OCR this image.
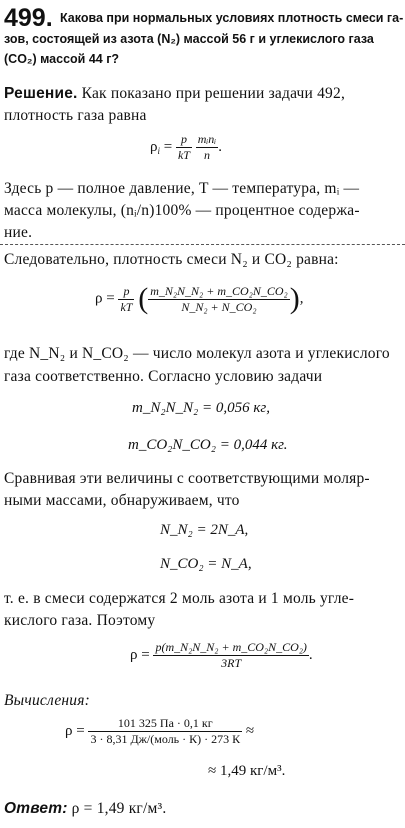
499. Какова при нормальных условиях плотность смеси га-
зов, состоящей из азота (N₂) массой 56 г и углекислого газа
(CO₂) массой 44 г?
Решение. Как показано при решении задачи 492,
плотность газа равна
$\rho_i = \frac{p}{kT}$
$\frac{\text{mᵢnᵢ}}{n}$ .
Здесь p — полное давление, T — температура, mᵢ —
масса молекулы, (nᵢ/n)100% — процентное содержа-
ние.
Следовательно, плотность смеси N₂ и CO₂ равна:
$\rho = \frac{p}{kT}$ ( $\frac{\text{m\_N₂N\_N₂ + m\_CO₂N\_CO₂}}{\text{N\_N₂ + N\_CO₂}}$ ),
где N_N₂ и N_CO₂ — число молекул азота и углекислого
газа соответственно. Согласно условию задачи
m_N₂N_N₂ = 0,056 кг,
m_CO₂N_CO₂ = 0,044 кг.
Сравнивая эти величины с соответствующими моляр-
ными массами, обнаруживаем, что
N_N₂ = 2N_A,
N_CO₂ = N_A,
т. е. в смеси содержатся 2 моль азота и 1 моль угле-
кислого газа. Поэтому
$\rho = \frac{\text{p(m\_N₂N\_N₂ + m\_CO₂N\_CO₂)}}{3RT}$ .
Вычисления:
$\rho = \frac{101 325 Па \cdot 0,1 кг}{\text{3 · 8,31 Дж/(моль · К) · 273 К}}$ ≈
≈ 1,49 кг/м³.
Ответ: ρ = 1,49 кг/м³.
